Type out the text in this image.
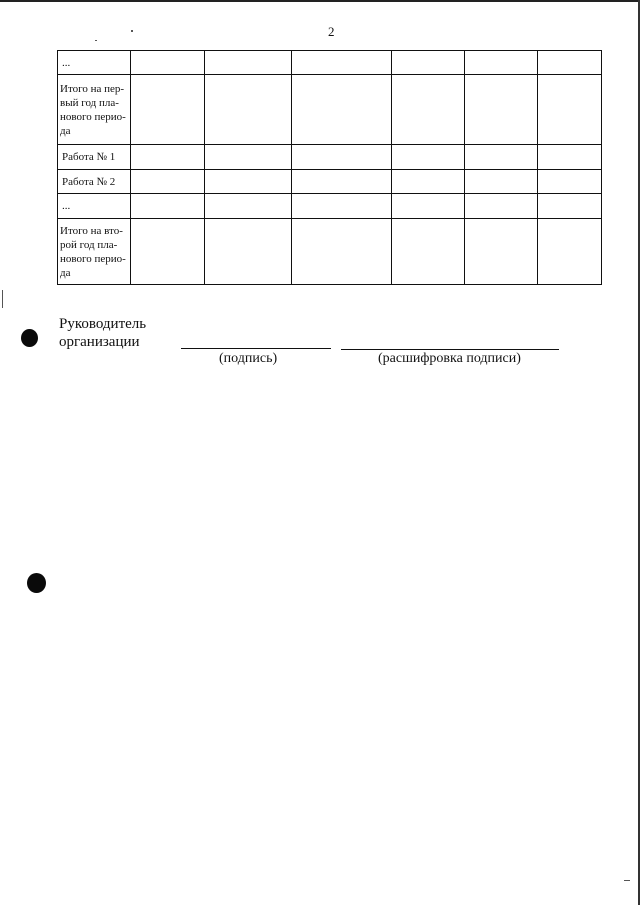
2
...						

Итого на пер-
вый год пла-
нового перио-
да						

Работа № 1						
Работа № 2						
...						

Итого на вто-
рой год пла-
нового перио-
да						

Руководитель
организации
(подпись)	(расшифровка подписи)
